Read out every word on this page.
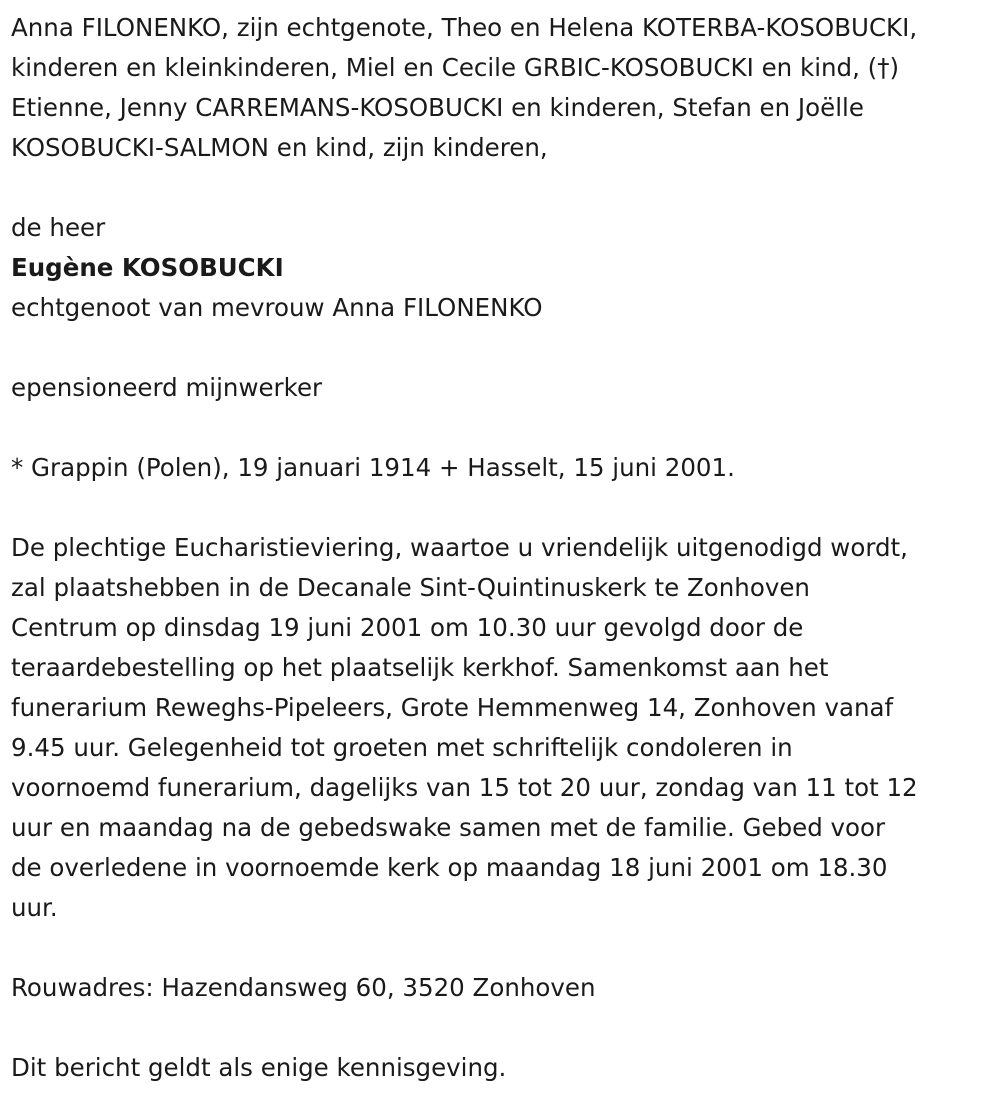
Anna FILONENKO, zijn echtgenote, Theo en Helena KOTERBA-KOSOBUCKI,
kinderen en kleinkinderen, Miel en Cecile GRBIC-KOSOBUCKI en kind, (†)
Etienne, Jenny CARREMANS-KOSOBUCKI en kinderen, Stefan en Joëlle
KOSOBUCKI-SALMON en kind, zijn kinderen,
de heer
Eugène KOSOBUCKI
echtgenoot van mevrouw Anna FILONENKO
epensioneerd mijnwerker
* Grappin (Polen), 19 januari 1914 + Hasselt, 15 juni 2001.
De plechtige Eucharistieviering, waartoe u vriendelijk uitgenodigd wordt,
zal plaatshebben in de Decanale Sint-Quintinuskerk te Zonhoven
Centrum op dinsdag 19 juni 2001 om 10.30 uur gevolgd door de
teraardebestelling op het plaatselijk kerkhof. Samenkomst aan het
funerarium Reweghs-Pipeleers, Grote Hemmenweg 14, Zonhoven vanaf
9.45 uur. Gelegenheid tot groeten met schriftelijk condoleren in
voornoemd funerarium, dagelijks van 15 tot 20 uur, zondag van 11 tot 12
uur en maandag na de gebedswake samen met de familie. Gebed voor
de overledene in voornoemde kerk op maandag 18 juni 2001 om 18.30
uur.
Rouwadres: Hazendansweg 60, 3520 Zonhoven
Dit bericht geldt als enige kennisgeving.
